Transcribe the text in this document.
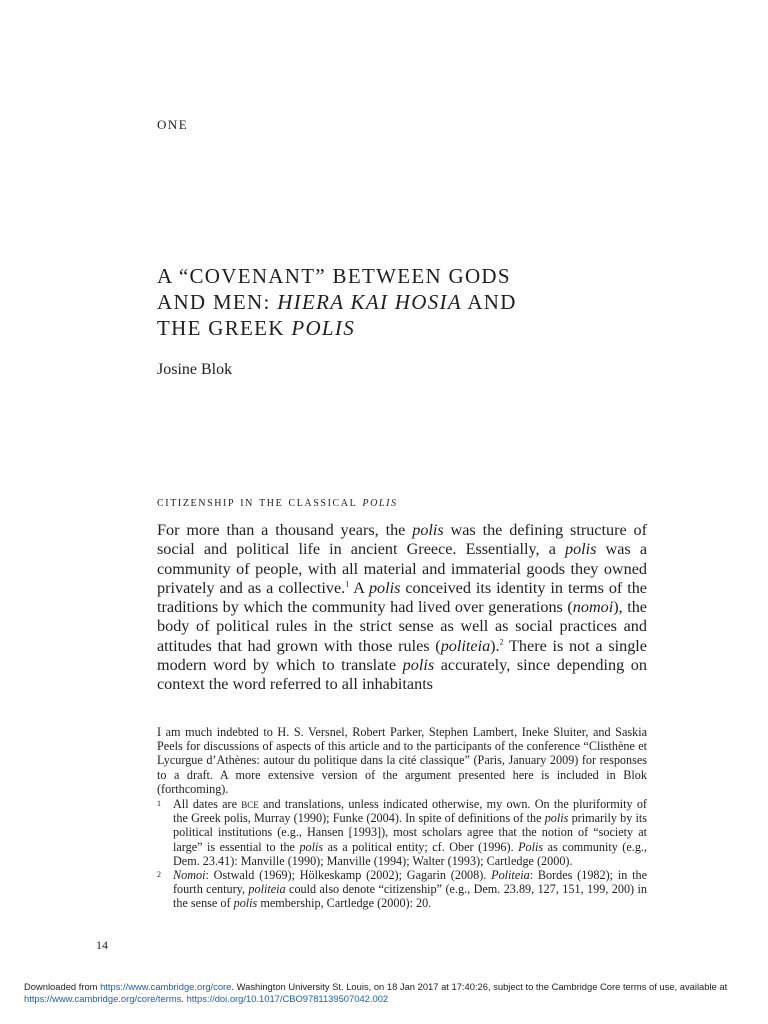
one
A “COVENANT” BETWEEN GODS
AND MEN: HIERA KAI HOSIA AND
THE GREEK POLIS
Josine Blok
citizenship in the classical polis

For more than a thousand years, the polis was the defining structure of social and political life in ancient Greece. Essentially, a polis was a community of people, with all material and immaterial goods they owned privately and as a collective.$^1$ A polis conceived its identity in terms of the traditions by which the community had lived over generations (nomoi), the body of political rules in the strict sense as well as social practices and attitudes that had grown with those rules (politeia).$^2$ There is not a single modern word by which to translate polis accurately, since depending on context the word referred to all inhabitants

I am much indebted to H. S. Versnel, Robert Parker, Stephen Lambert, Ineke Sluiter, and Saskia Peels for discussions of aspects of this article and to the participants of the conference “Clisthène et Lycurgue d’Athènes: autour du politique dans la cité classique” (Paris, January 2009) for responses to a draft. A more extensive version of the argument presented here is included in Blok (forthcoming).

1 All dates are bce and translations, unless indicated otherwise, my own. On the pluriformity of the Greek polis, Murray (1990); Funke (2004). In spite of definitions of the polis primarily by its political institutions (e.g., Hansen [1993]), most scholars agree that the notion of “society at large” is essential to the polis as a political entity; cf. Ober (1996). Polis as community (e.g., Dem. 23.41): Manville (1990); Manville (1994); Walter (1993); Cartledge (2000).

2 Nomoi: Ostwald (1969); Hölkeskamp (2002); Gagarin (2008). Politeia: Bordes (1982); in the fourth century, politeia could also denote “citizenship” (e.g., Dem. 23.89, 127, 151, 199, 200) in the sense of polis membership, Cartledge (2000): 20.

14
Downloaded from https://www.cambridge.org/core. Washington University St. Louis, on 18 Jan 2017 at 17:40:26, subject to the Cambridge Core terms of use, available at
https://www.cambridge.org/core/terms. https://doi.org/10.1017/CBO9781139507042.002
